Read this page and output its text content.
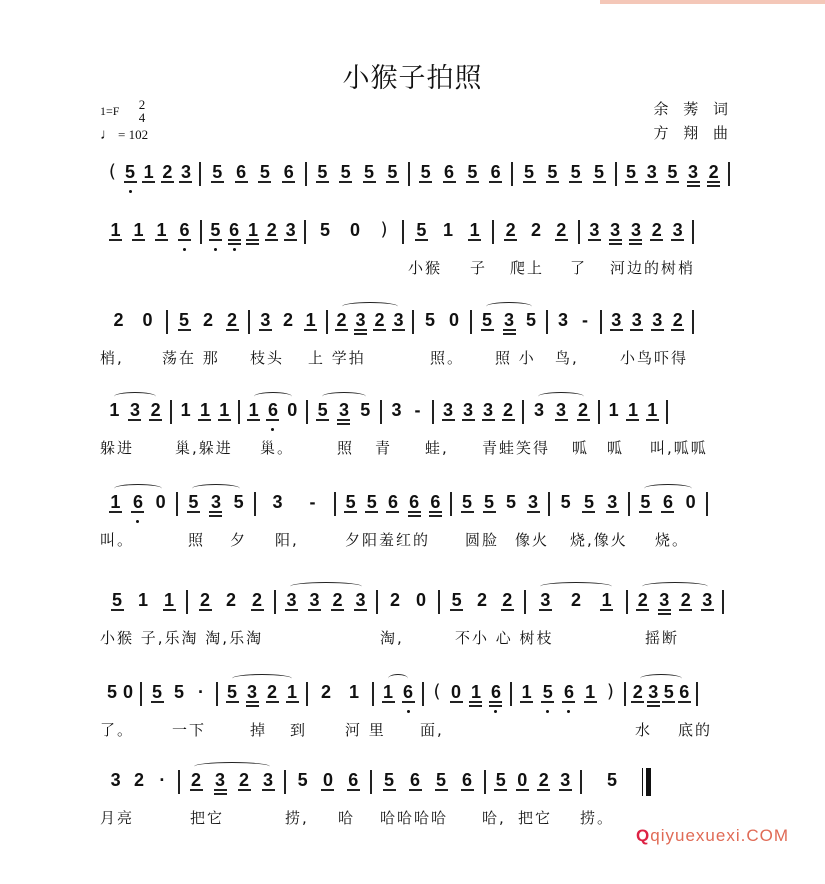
小猴子拍照
1=F	2
4
♩ = 102
余 莠 词
方 翔 曲
( 5 1 2 3 5 6 5 6 5 5 5 5 5 6 5 6 5 5 5 5 5 3 5 3 2
1 1 1 6 5 6 1 2 3 5 0 ) 5 1 1 2 2 2 3 3 3 2 3
小猴 子 爬上 了 河边的树梢
2 0 5 2 2 3 2 1 2 3 2 3 5 0 5 3 5 3 - 3 3 3 2
梢,	荡在 那 枝头 上 学拍	照。 照 小 鸟,	小鸟吓得
1 3 2 1 1 1 1 6 0 5 3 5 3 - 3 3 3 2 3 3 2 1 1 1
躲进	巢,躲进 巢。	照 青 蛙, 青蛙笑得 呱 呱 叫,呱呱
1 6 0 5 3 5 3 - 5 5 6 6 6 5 5 5 3 5 5 3 5 6 0
叫。	照 夕 阳,	夕阳羞红的 圆脸 像火 烧,像火 烧。
5 1 1 2 2 2 3 3 2 3 2 0 5 2 2 3 2 1 2 3 2 3
小猴 子,乐淘 淘,乐淘	淘,	不小 心 树枝	摇断
5 0 5 5 · 5 3 2 1 2 1 1 6 ( 0 1 6 1 5 6 1 ) 2 3 5 6
了。	一下	掉 到	河 里 面,	水 底的
3 2 · 2 3 2 3 5 0 6 5 6 5 6 5 0 2 3 5
月亮	把它	捞, 哈 哈哈哈哈 哈, 把它 捞。
Qqiyuexuexi.COM
